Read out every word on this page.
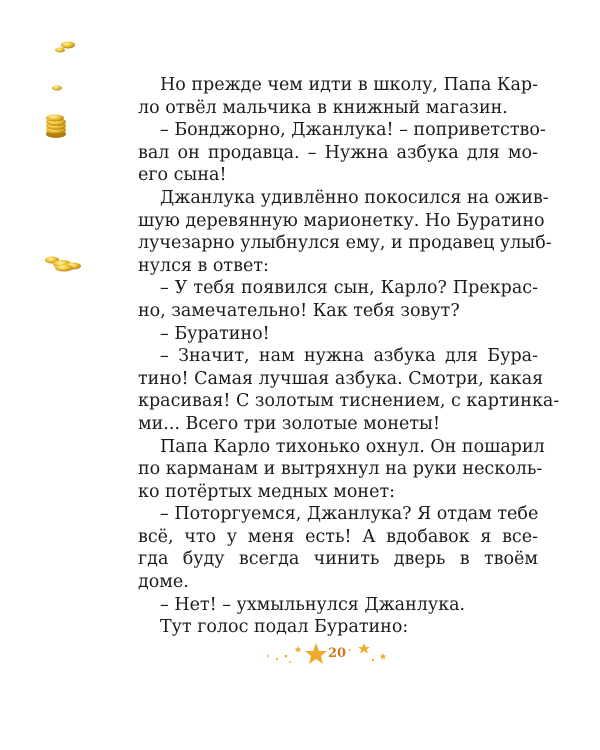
Но прежде чем идти в школу, Папа Кар-
ло отвёл мальчика в книжный магазин.
– Бонджорно, Джанлука! – поприветство-
вал он продавца. – Нужна азбука для мо-
его сына!
Джанлука удивлённо покосился на ожив-
шую деревянную марионетку. Но Буратино
лучезарно улыбнулся ему, и продавец улыб-
нулся в ответ:
– У тебя появился сын, Карло? Прекрас-
но, замечательно! Как тебя зовут?
– Буратино!
– Значит, нам нужна азбука для Бура-
тино! Самая лучшая азбука. Смотри, какая
красивая! С золотым тиснением, с картинка-
ми... Всего три золотые монеты!
Папа Карло тихонько охнул. Он пошарил
по карманам и вытряхнул на руки несколь-
ко потёртых медных монет:
– Поторгуемся, Джанлука? Я отдам тебе
всё, что у меня есть! А вдобавок я все-
гда буду всегда чинить дверь в твоём
доме.
– Нет! – ухмыльнулся Джанлука.
Тут голос подал Буратино:
20
